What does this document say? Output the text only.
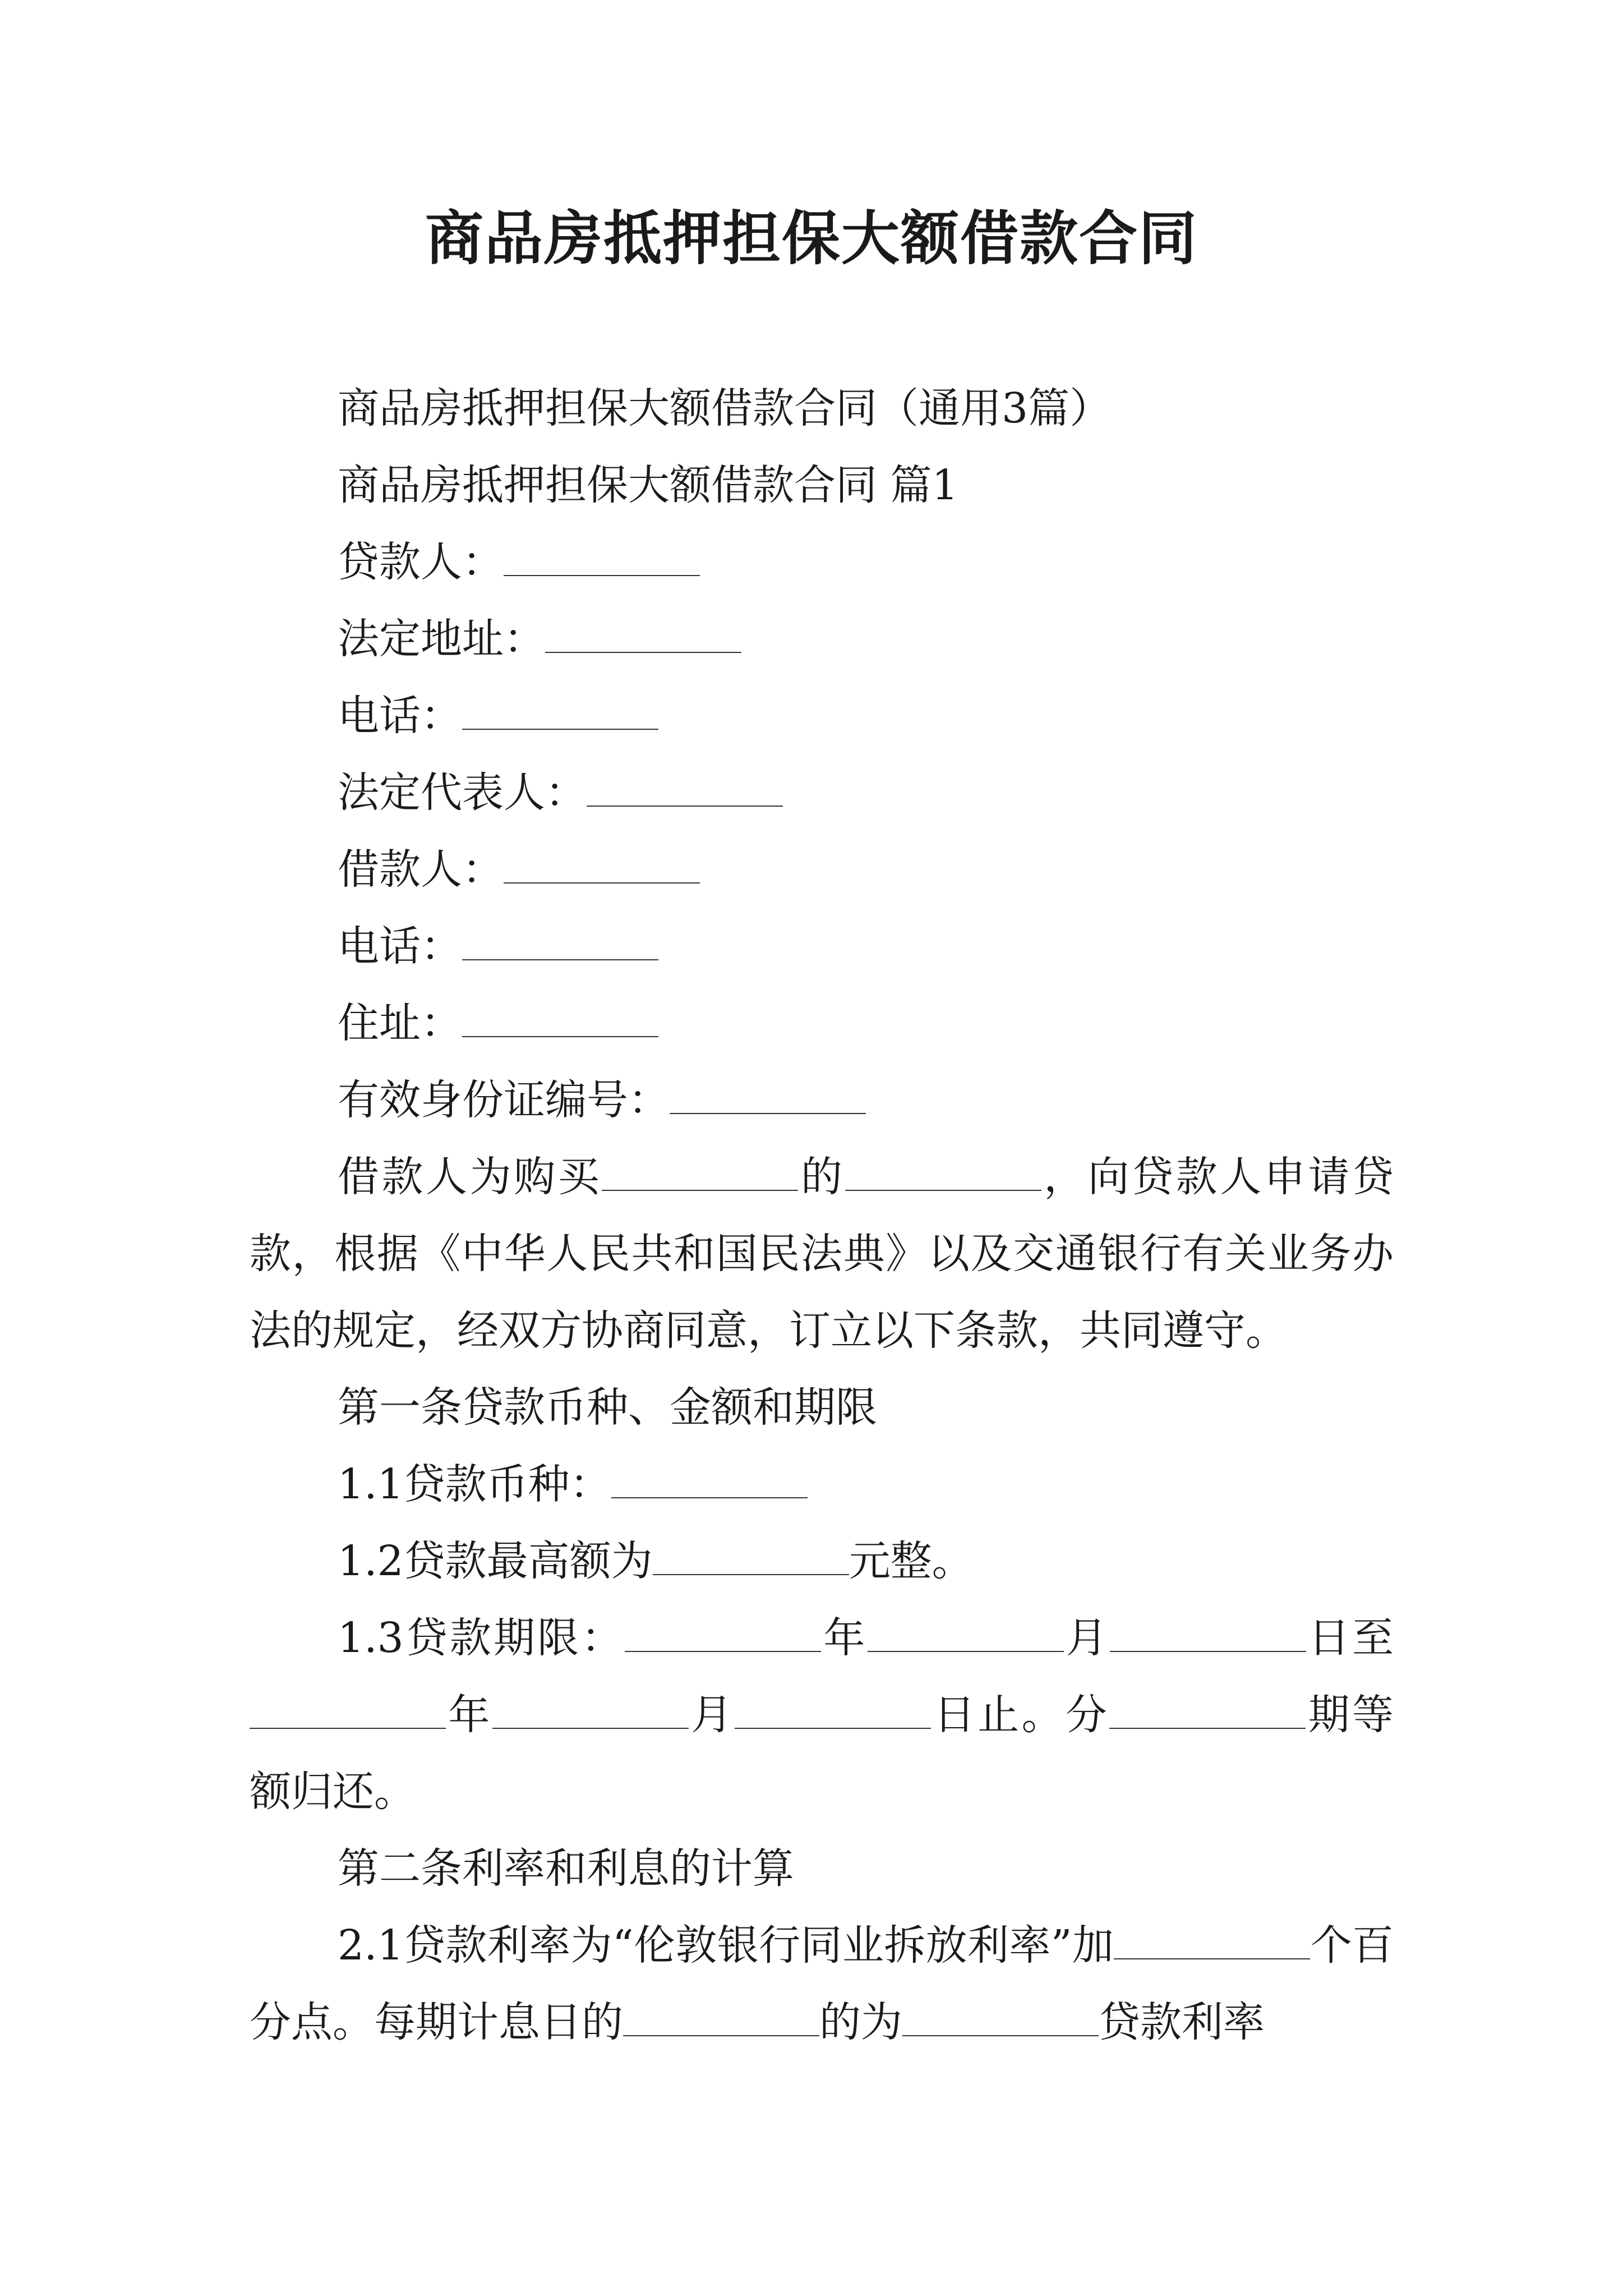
商品房抵押担保大额借款合同

商品房抵押担保大额借款合同（通用3篇）

商品房抵押担保大额借款合同 篇1

贷款人：

法定地址：

电话：

法定代表人：

借款人：

电话：

住址：

有效身份证编号：

借款人为购买	的	，向贷款人申请贷款，根据《中华人民共和国民法典》以及交通银行有关业务办法的规定，经双方协商同意，订立以下条款，共同遵守。

第一条贷款币种、金额和期限

1.1贷款币种：

1.2贷款最高额为	元整。

1.3贷款期限：	年	月	日至年	月	日止。分	期等额归还。

第二条利率和利息的计算

2.1贷款利率为“伦敦银行同业拆放利率”加	个百分点。每期计息日的	的为	贷款利率
